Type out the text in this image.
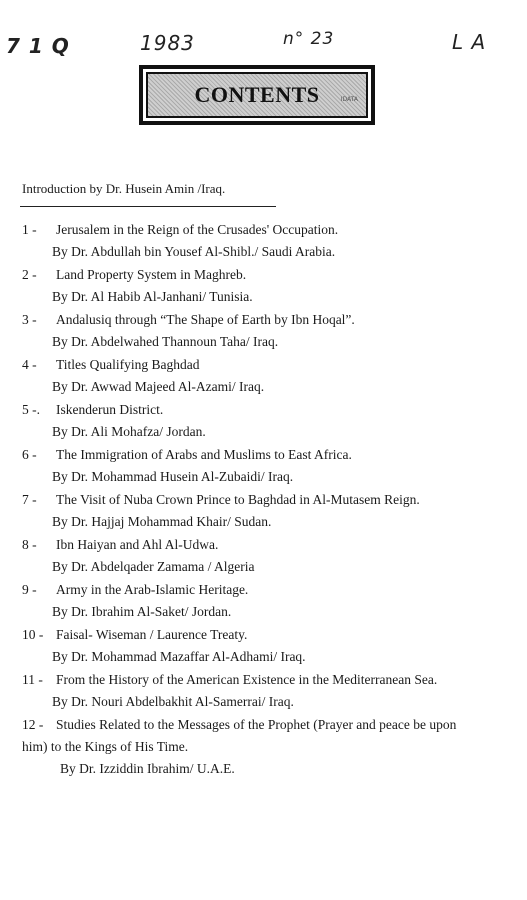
7 1 Q	1983	n° 23	L A
CONTENTS	IDATA
Introduction by Dr. Husein Amin /Iraq.
1 - Jerusalem in the Reign of the Crusades' Occupation.
By Dr. Abdullah bin Yousef Al-Shibl./ Saudi Arabia.
2 - Land Property System in Maghreb.
By Dr. Al Habib Al-Janhani/ Tunisia.
3 - Andalusiq through “The Shape of Earth by Ibn Hoqal”.
By Dr. Abdelwahed Thannoun Taha/ Iraq.
4 - Titles Qualifying Baghdad
By Dr. Awwad Majeed Al-Azami/ Iraq.
5 -. Iskenderun District.
By Dr. Ali Mohafza/ Jordan.
6 - The Immigration of Arabs and Muslims to East Africa.
By Dr. Mohammad Husein Al-Zubaidi/ Iraq.
7 - The Visit of Nuba Crown Prince to Baghdad in Al-Mutasem Reign.
By Dr. Hajjaj Mohammad Khair/ Sudan.
8 - Ibn Haiyan and Ahl Al-Udwa.
By Dr. Abdelqader Zamama / Algeria
9 - Army in the Arab-Islamic Heritage.
By Dr. Ibrahim Al-Saket/ Jordan.
10 - Faisal- Wiseman / Laurence Treaty.
By Dr. Mohammad Mazaffar Al-Adhami/ Iraq.
11 - From the History of the American Existence in the Mediterranean Sea.
By Dr. Nouri Abdelbakhit Al-Samerrai/ Iraq.
12 - Studies Related to the Messages of the Prophet (Prayer and peace be upon
him) to the Kings of His Time.
By Dr. Izziddin Ibrahim/ U.A.E.
